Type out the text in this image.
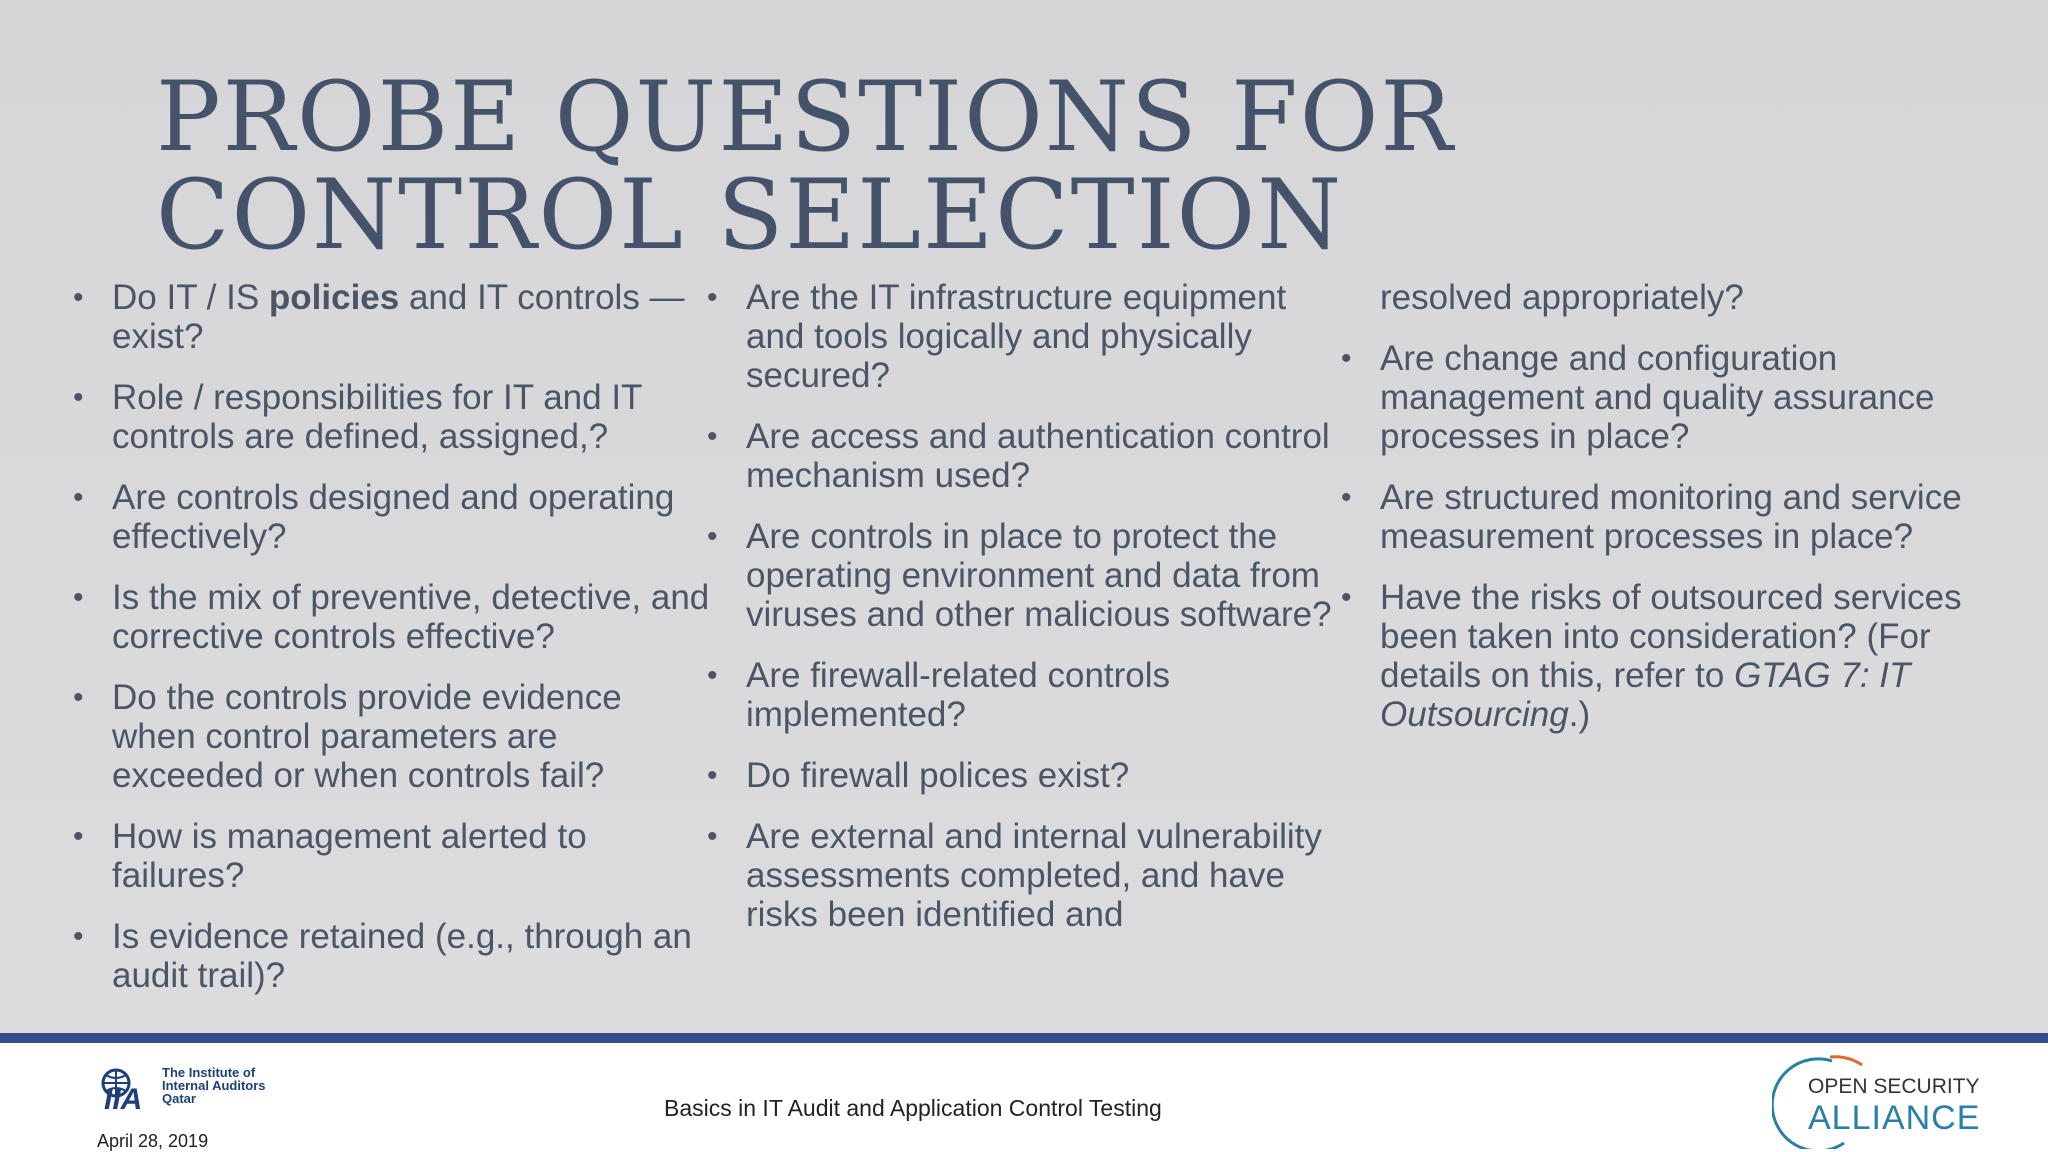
PROBE QUESTIONS FOR CONTROL SELECTION
• Do IT / IS policies and IT controls — exist?
• Role / responsibilities for IT and IT controls are defined, assigned,?
• Are controls designed and operating effectively?
• Is the mix of preventive, detective, and corrective controls effective?
• Do the controls provide evidence when control parameters are exceeded or when controls fail?
• How is management alerted to failures?
• Is evidence retained (e.g., through an audit trail)?
• Are the IT infrastructure equipment and tools logically and physically secured?
• Are access and authentication control mechanism used?
• Are controls in place to protect the operating environment and data from viruses and other malicious software?
• Are firewall-related controls implemented?
• Do firewall polices exist?
• Are external and internal vulnerability assessments completed, and have risks been identified and
resolved appropriately?
• Are change and configuration management and quality assurance processes in place?
• Are structured monitoring and service measurement processes in place?
• Have the risks of outsourced services been taken into consideration? (For details on this, refer to GTAG 7: IT Outsourcing.)
IIA
The Institute of
Internal Auditors
Qatar
April 28, 2019
Basics in IT Audit and Application Control Testing
OPEN SECURITY
ALLIANCE
